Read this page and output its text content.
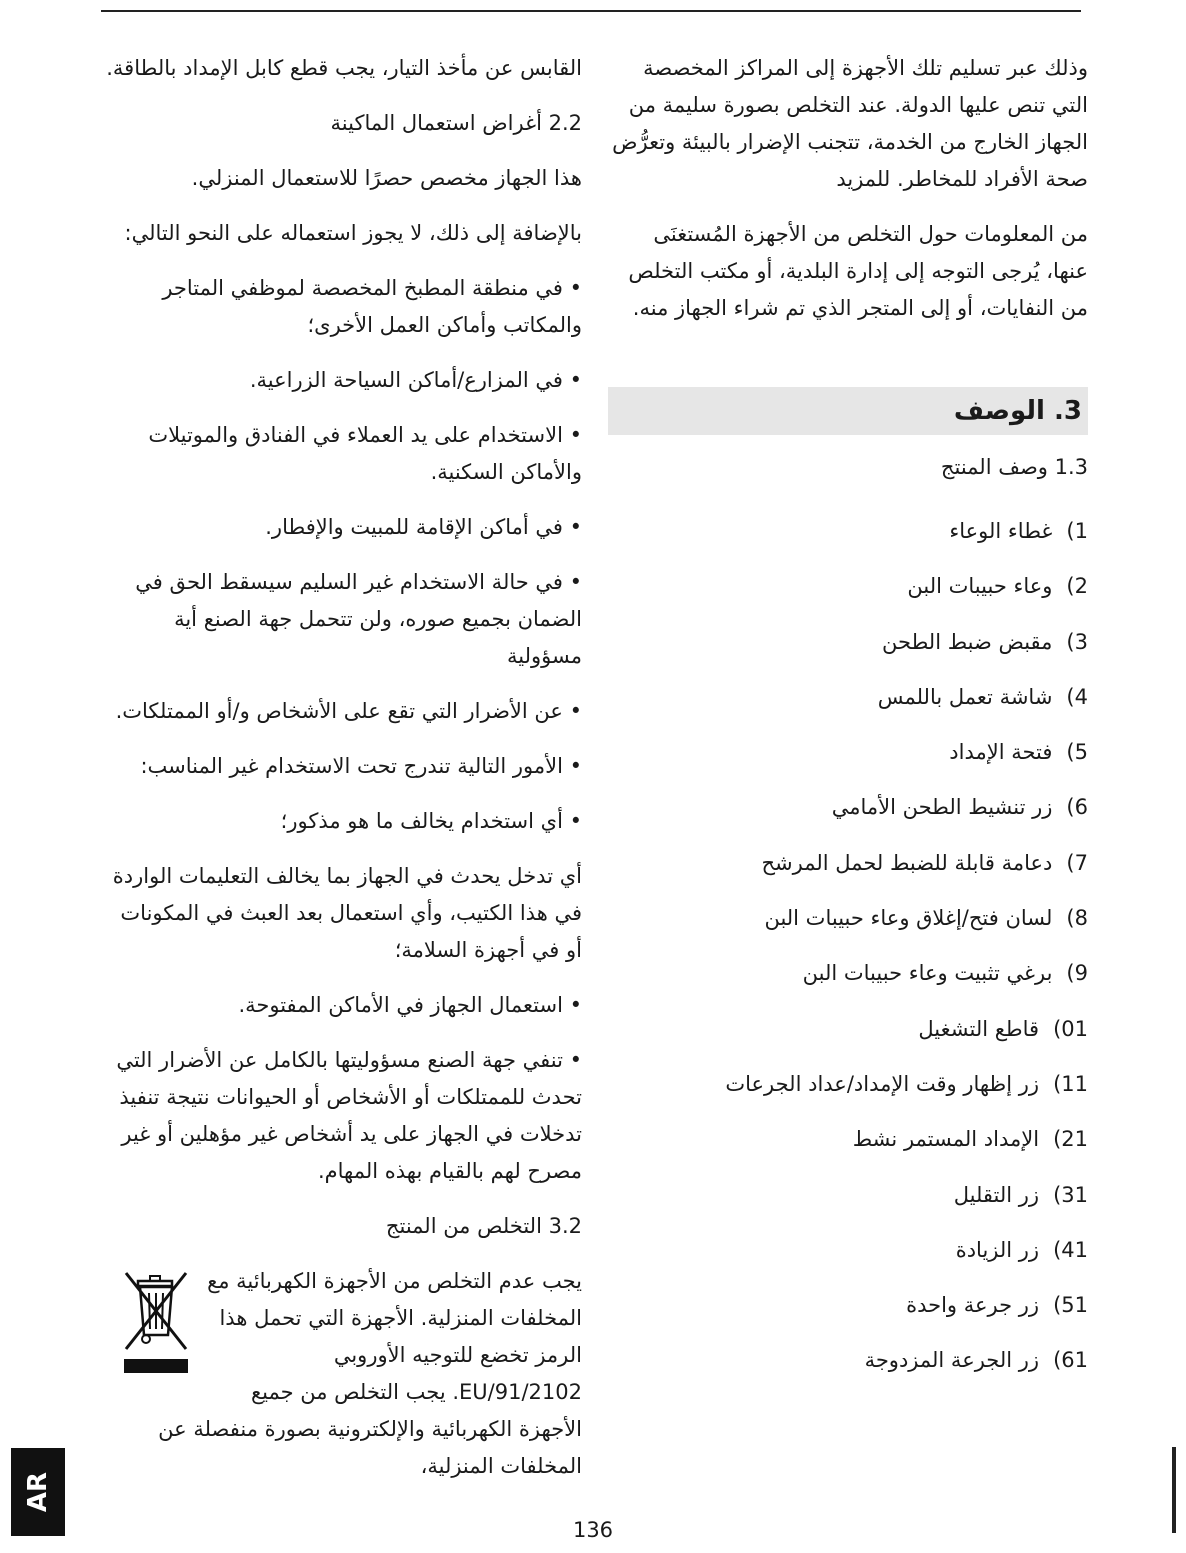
وذلك عبر تسليم تلك الأجهزة إلى المراكز المخصصة التي تنص عليها الدولة. عند التخلص بصورة سليمة من الجهاز الخارج من الخدمة، تتجنب الإضرار بالبيئة وتعرُّض صحة الأفراد للمخاطر. للمزيد

من المعلومات حول التخلص من الأجهزة المُستغنَى عنها، يُرجى التوجه إلى إدارة البلدية، أو مكتب التخلص من النفايات، أو إلى المتجر الذي تم شراء الجهاز منه.

3. الوصف
1.3 وصف المنتج
1)غطاء الوعاء
2)وعاء حبيبات البن
3)مقبض ضبط الطحن
4)شاشة تعمل باللمس
5)فتحة الإمداد
6)زر تنشيط الطحن الأمامي
7)دعامة قابلة للضبط لحمل المرشح
8)لسان فتح/إغلاق وعاء حبيبات البن
9)برغي تثبيت وعاء حبيبات البن
01)قاطع التشغيل
11)زر إظهار وقت الإمداد/عداد الجرعات
21)الإمداد المستمر نشط
31)زر التقليل
41)زر الزيادة
51)زر جرعة واحدة
61)زر الجرعة المزدوجة

القابس عن مأخذ التيار، يجب قطع كابل الإمداد بالطاقة.

2.2 أغراض استعمال الماكينة

هذا الجهاز مخصص حصرًا للاستعمال المنزلي.

بالإضافة إلى ذلك، لا يجوز استعماله على النحو التالي:

• في منطقة المطبخ المخصصة لموظفي المتاجر والمكاتب وأماكن العمل الأخرى؛

• في المزارع/أماكن السياحة الزراعية.

• الاستخدام على يد العملاء في الفنادق والموتيلات والأماكن السكنية.

• في أماكن الإقامة للمبيت والإفطار.

• في حالة الاستخدام غير السليم سيسقط الحق في الضمان بجميع صوره، ولن تتحمل جهة الصنع أية مسؤولية

• عن الأضرار التي تقع على الأشخاص و/أو الممتلكات.

• الأمور التالية تندرج تحت الاستخدام غير المناسب:

• أي استخدام يخالف ما هو مذكور؛

أي تدخل يحدث في الجهاز بما يخالف التعليمات الواردة في هذا الكتيب، وأي استعمال بعد العبث في المكونات أو في أجهزة السلامة؛

• استعمال الجهاز في الأماكن المفتوحة.

• تنفي جهة الصنع مسؤوليتها بالكامل عن الأضرار التي تحدث للممتلكات أو الأشخاص أو الحيوانات نتيجة تنفيذ تدخلات في الجهاز على يد أشخاص غير مؤهلين أو غير مصرح لهم بالقيام بهذه المهام.

3.2 التخلص من المنتج

يجب عدم التخلص من الأجهزة الكهربائية مع المخلفات المنزلية. الأجهزة التي تحمل هذا الرمز تخضع للتوجيه الأوروبي EU/91/2102. يجب التخلص من جميع الأجهزة الكهربائية والإلكترونية بصورة منفصلة عن المخلفات المنزلية،

AR
136
